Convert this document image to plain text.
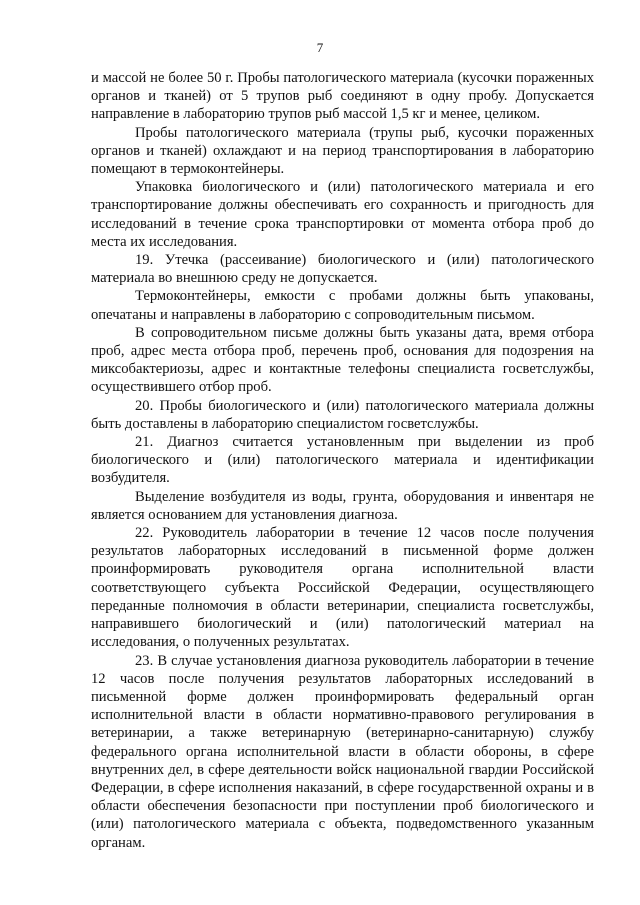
7

и массой не более 50 г. Пробы патологического материала (кусочки пораженных органов и тканей) от 5 трупов рыб соединяют в одну пробу. Допускается направление в лабораторию трупов рыб массой 1,5 кг и менее, целиком.

Пробы патологического материала (трупы рыб, кусочки пораженных органов и тканей) охлаждают и на период транспортирования в лабораторию помещают в термоконтейнеры.

Упаковка биологического и (или) патологического материала и его транспортирование должны обеспечивать его сохранность и пригодность для исследований в течение срока транспортировки от момента отбора проб до места их исследования.

19. Утечка (рассеивание) биологического и (или) патологического материала во внешнюю среду не допускается.

Термоконтейнеры, емкости с пробами должны быть упакованы, опечатаны и направлены в лабораторию с сопроводительным письмом.

В сопроводительном письме должны быть указаны дата, время отбора проб, адрес места отбора проб, перечень проб, основания для подозрения на миксобактериозы, адрес и контактные телефоны специалиста госветслужбы, осуществившего отбор проб.

20. Пробы биологического и (или) патологического материала должны быть доставлены в лабораторию специалистом госветслужбы.

21. Диагноз считается установленным при выделении из проб биологического и (или) патологического материала и идентификации возбудителя.

Выделение возбудителя из воды, грунта, оборудования и инвентаря не является основанием для установления диагноза.

22. Руководитель лаборатории в течение 12 часов после получения результатов лабораторных исследований в письменной форме должен проинформировать руководителя органа исполнительной власти соответствующего субъекта Российской Федерации, осуществляющего переданные полномочия в области ветеринарии, специалиста госветслужбы, направившего биологический и (или) патологический материал на исследования, о полученных результатах.

23. В случае установления диагноза руководитель лаборатории в течение 12 часов после получения результатов лабораторных исследований в письменной форме должен проинформировать федеральный орган исполнительной власти в области нормативно-правового регулирования в ветеринарии, а также ветеринарную (ветеринарно-санитарную) службу федерального органа исполнительной власти в области обороны, в сфере внутренних дел, в сфере деятельности войск национальной гвардии Российской Федерации, в сфере исполнения наказаний, в сфере государственной охраны и в области обеспечения безопасности при поступлении проб биологического и (или) патологического материала с объекта, подведомственного указанным органам.
